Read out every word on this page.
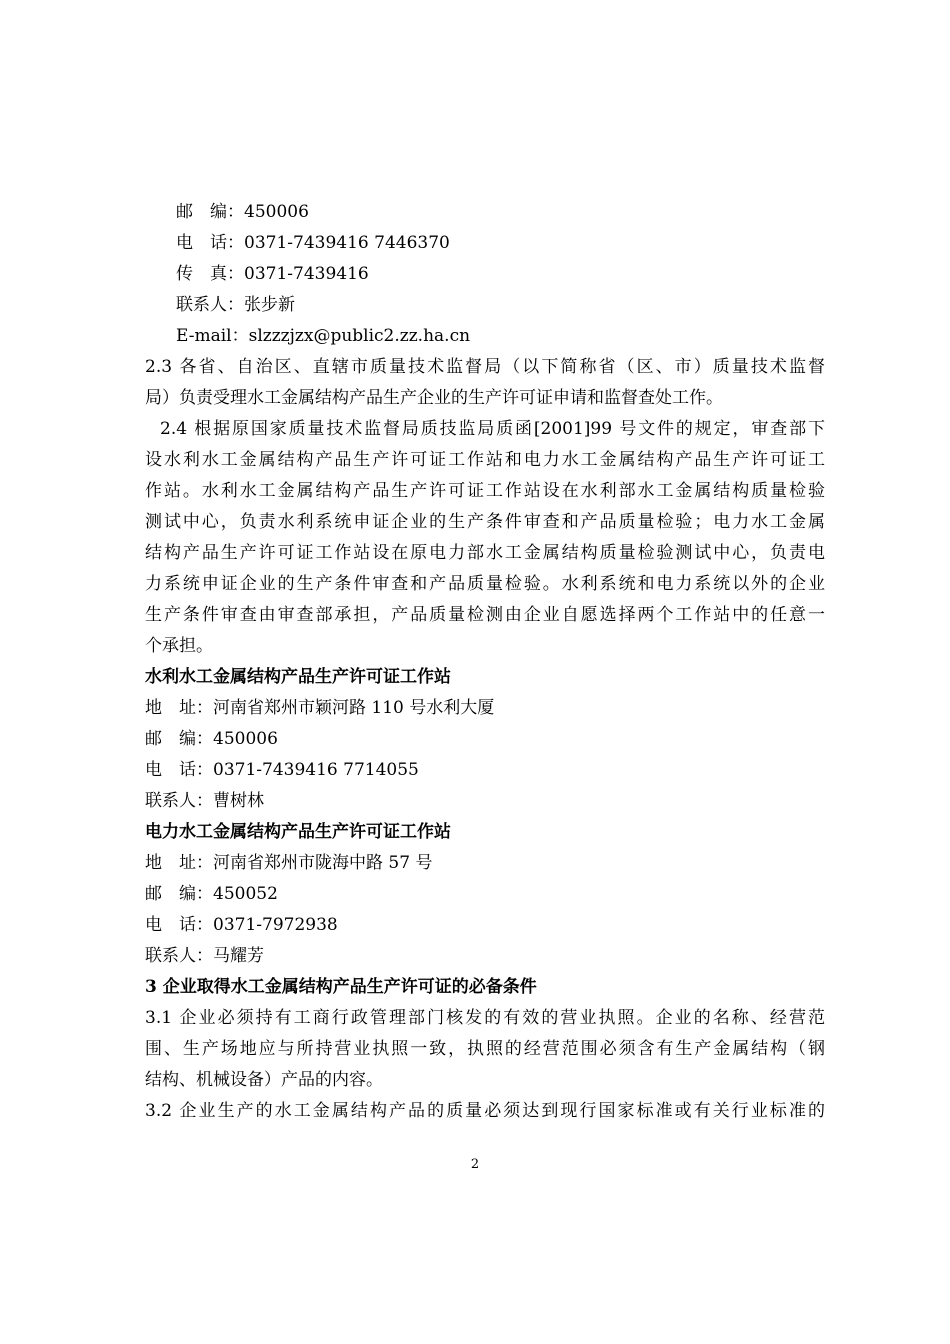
邮　编：450006
电　话：0371-7439416 7446370
传　真：0371-7439416
联系人：张步新
E-mail：slzzzjzx@public2.zz.ha.cn
2.3 各省、自治区、直辖市质量技术监督局（以下简称省（区、市）质量技术监督
局）负责受理水工金属结构产品生产企业的生产许可证申请和监督查处工作。
2.4 根据原国家质量技术监督局质技监局质函[2001]99 号文件的规定，审查部下
设水利水工金属结构产品生产许可证工作站和电力水工金属结构产品生产许可证工
作站。水利水工金属结构产品生产许可证工作站设在水利部水工金属结构质量检验
测试中心，负责水利系统申证企业的生产条件审查和产品质量检验；电力水工金属
结构产品生产许可证工作站设在原电力部水工金属结构质量检验测试中心，负责电
力系统申证企业的生产条件审查和产品质量检验。水利系统和电力系统以外的企业
生产条件审查由审查部承担，产品质量检测由企业自愿选择两个工作站中的任意一
个承担。
水利水工金属结构产品生产许可证工作站
地　址：河南省郑州市颖河路 110 号水利大厦
邮　编：450006
电　话：0371-7439416 7714055
联系人：曹树林
电力水工金属结构产品生产许可证工作站
地　址：河南省郑州市陇海中路 57 号
邮　编：450052
电　话：0371-7972938
联系人：马耀芳
3 企业取得水工金属结构产品生产许可证的必备条件
3.1 企业必须持有工商行政管理部门核发的有效的营业执照。企业的名称、经营范
围、生产场地应与所持营业执照一致，执照的经营范围必须含有生产金属结构（钢
结构、机械设备）产品的内容。
3.2 企业生产的水工金属结构产品的质量必须达到现行国家标准或有关行业标准的
2
